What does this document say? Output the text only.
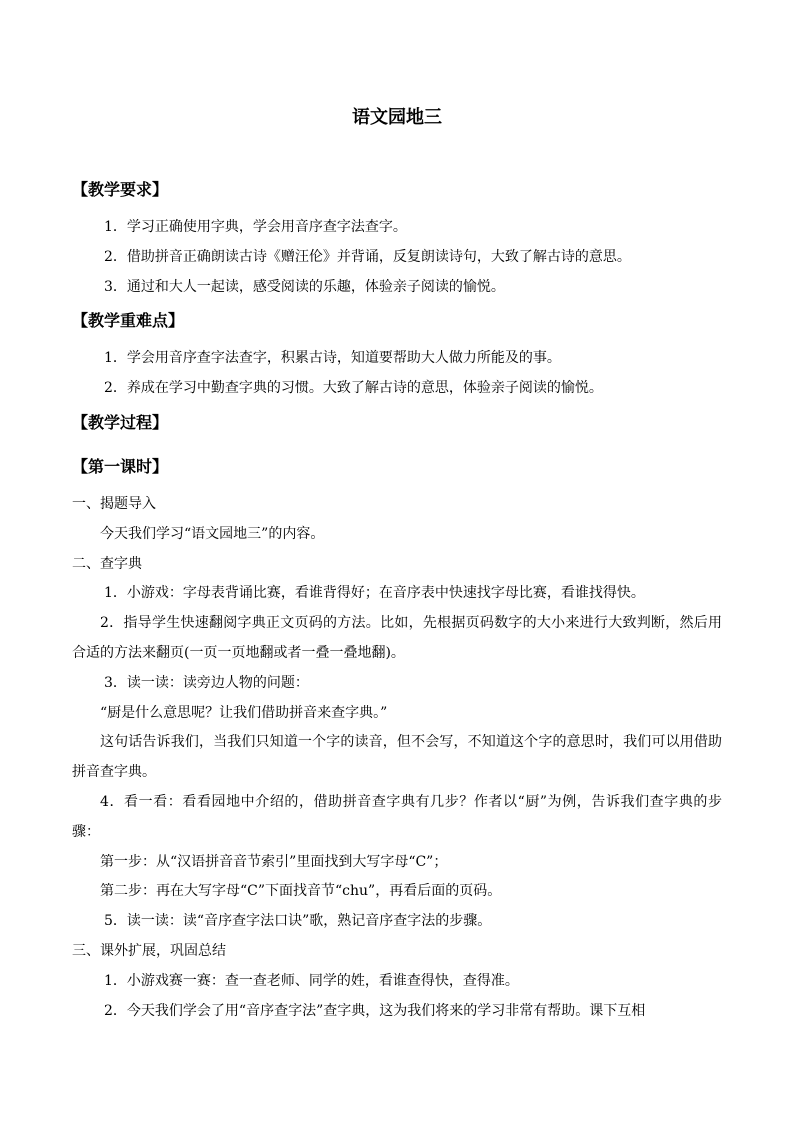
语文园地三
【教学要求】
1．学习正确使用字典，学会用音序查字法查字。
2．借助拼音正确朗读古诗《赠汪伦》并背诵，反复朗读诗句，大致了解古诗的意思。
3．通过和大人一起读，感受阅读的乐趣，体验亲子阅读的愉悦。
【教学重难点】
1．学会用音序查字法查字，积累古诗，知道要帮助大人做力所能及的事。
2．养成在学习中勤查字典的习惯。大致了解古诗的意思，体验亲子阅读的愉悦。
【教学过程】
【第一课时】
一、揭题导入
今天我们学习“语文园地三”的内容。
二、查字典
1．小游戏：字母表背诵比赛，看谁背得好；在音序表中快速找字母比赛，看谁找得快。
2．指导学生快速翻阅字典正文页码的方法。比如，先根据页码数字的大小来进行大致判断，然后用合适的方法来翻页(一页一页地翻或者一叠一叠地翻)。
3．读一读：读旁边人物的问题：
“厨是什么意思呢？让我们借助拼音来查字典。”
这句话告诉我们，当我们只知道一个字的读音，但不会写，不知道这个字的意思时，我们可以用借助拼音查字典。
4．看一看：看看园地中介绍的，借助拼音查字典有几步？作者以“厨”为例，告诉我们查字典的步骤：
第一步：从“汉语拼音音节索引”里面找到大写字母“C”；
第二步：再在大写字母“C”下面找音节“chu”，再看后面的页码。
5．读一读：读“音序查字法口诀”歌，熟记音序查字法的步骤。
三、课外扩展，巩固总结
1．小游戏赛一赛：查一查老师、同学的姓，看谁查得快，查得准。
2．今天我们学会了用“音序查字法”查字典，这为我们将来的学习非常有帮助。课下互相
